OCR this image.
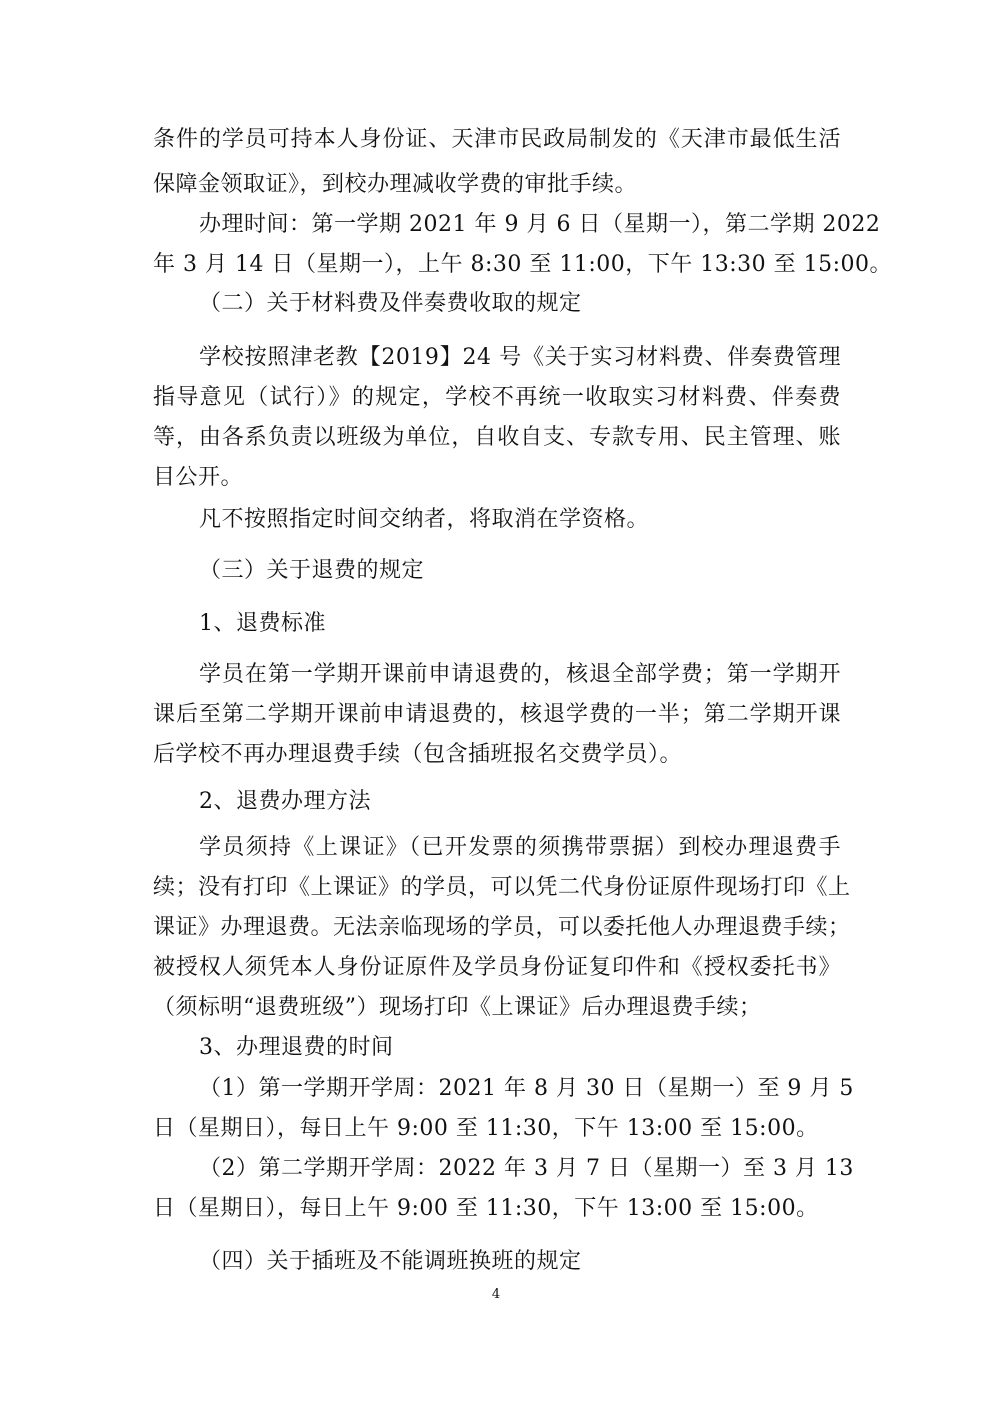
条件的学员可持本人身份证、天津市民政局制发的《天津市最低生活
保障金领取证》，到校办理减收学费的审批手续。
办理时间：第一学期 2021 年 9 月 6 日（星期一），第二学期 2022
年 3 月 14 日（星期一），上午 8:30 至 11:00，下午 13:30 至 15:00。
（二）关于材料费及伴奏费收取的规定
学校按照津老教【2019】24 号《关于实习材料费、伴奏费管理
指导意见（试行）》的规定，学校不再统一收取实习材料费、伴奏费
等，由各系负责以班级为单位，自收自支、专款专用、民主管理、账
目公开。
凡不按照指定时间交纳者，将取消在学资格。
（三）关于退费的规定
1、退费标准
学员在第一学期开课前申请退费的，核退全部学费；第一学期开
课后至第二学期开课前申请退费的，核退学费的一半；第二学期开课
后学校不再办理退费手续（包含插班报名交费学员）。
2、退费办理方法
学员须持《上课证》（已开发票的须携带票据）到校办理退费手
续；没有打印《上课证》的学员，可以凭二代身份证原件现场打印《上
课证》办理退费。无法亲临现场的学员，可以委托他人办理退费手续；
被授权人须凭本人身份证原件及学员身份证复印件和《授权委托书》
（须标明“退费班级”）现场打印《上课证》后办理退费手续；
3、办理退费的时间
（1）第一学期开学周：2021 年 8 月 30 日（星期一）至 9 月 5
日（星期日），每日上午 9:00 至 11:30，下午 13:00 至 15:00。
（2）第二学期开学周：2022 年 3 月 7 日（星期一）至 3 月 13
日（星期日），每日上午 9:00 至 11:30，下午 13:00 至 15:00。
（四）关于插班及不能调班换班的规定
4
